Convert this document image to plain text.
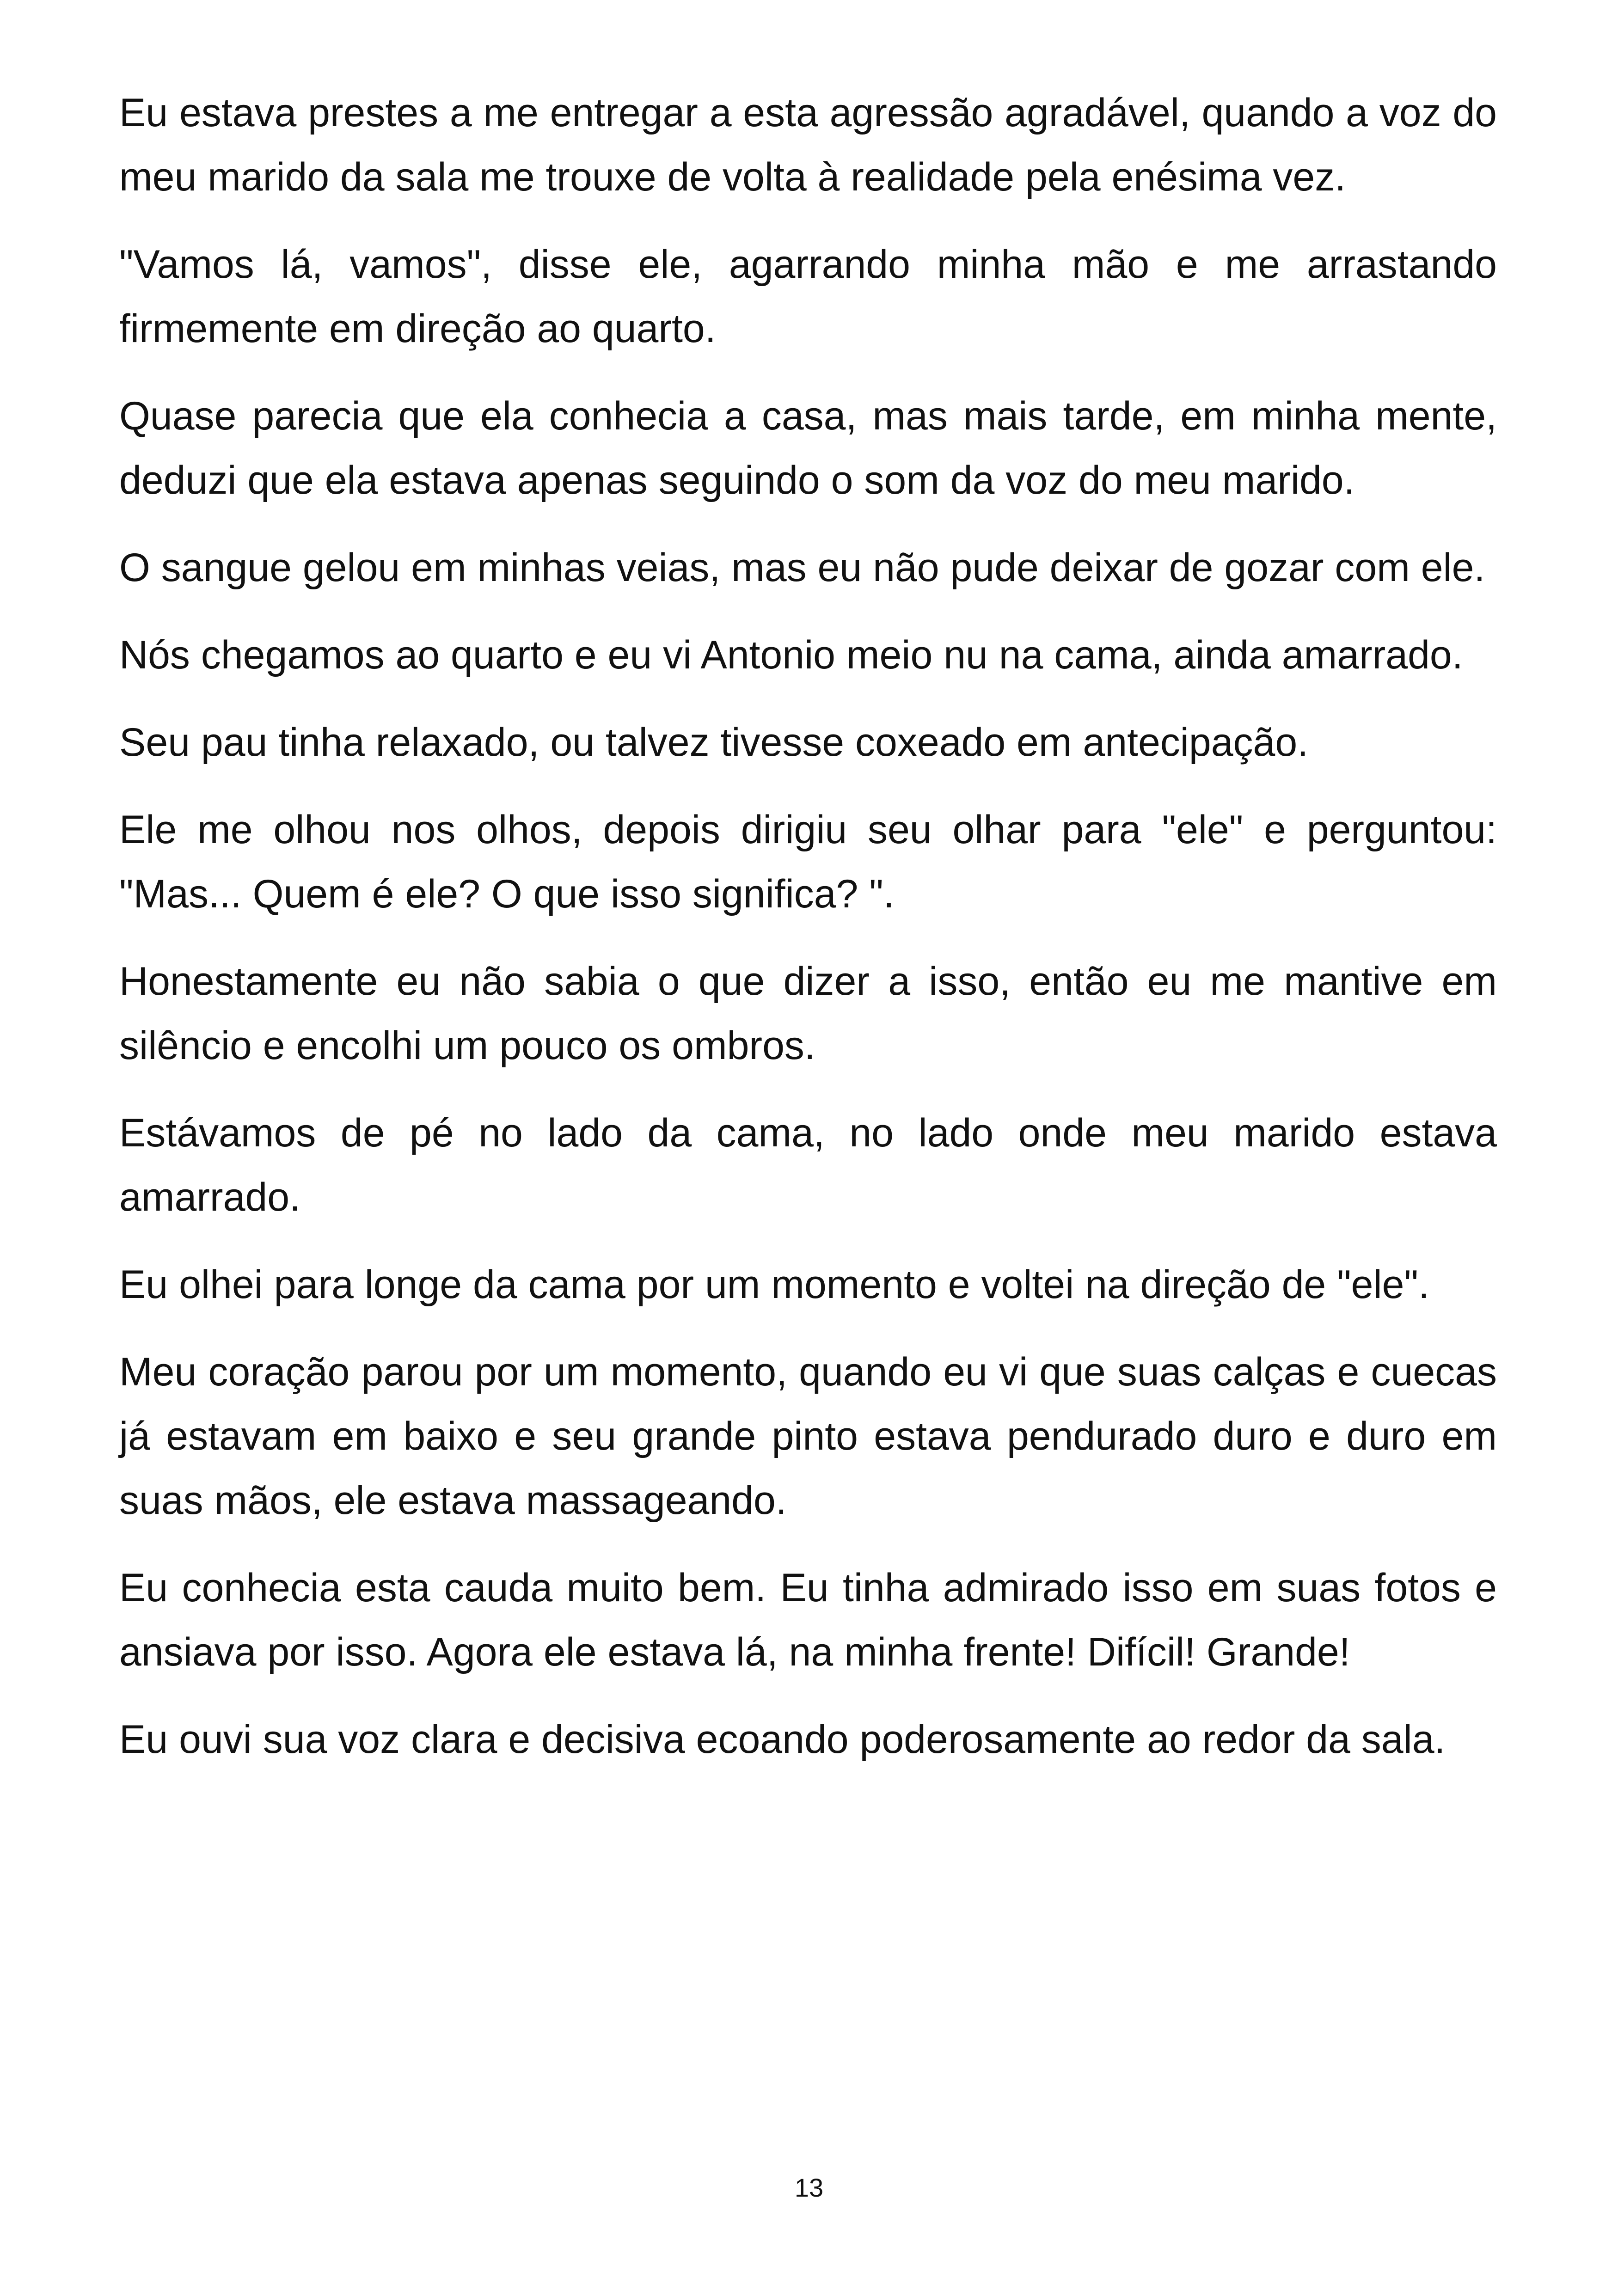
Eu estava prestes a me entregar a esta agressão agradável, quando a voz do meu marido da sala me trouxe de volta à realidade pela enésima vez.

"Vamos lá, vamos", disse ele, agarrando minha mão e me arrastando firmemente em direção ao quarto.

Quase parecia que ela conhecia a casa, mas mais tarde, em minha mente, deduzi que ela estava apenas seguindo o som da voz do meu marido.

O sangue gelou em minhas veias, mas eu não pude deixar de gozar com ele.

Nós chegamos ao quarto e eu vi Antonio meio nu na cama, ainda amarrado.

Seu pau tinha relaxado, ou talvez tivesse coxeado em antecipação.

Ele me olhou nos olhos, depois dirigiu seu olhar para "ele" e perguntou: "Mas... Quem é ele? O que isso significa? ".

Honestamente eu não sabia o que dizer a isso, então eu me mantive em silêncio e encolhi um pouco os ombros.

Estávamos de pé no lado da cama, no lado onde meu marido estava amarrado.

Eu olhei para longe da cama por um momento e voltei na direção de "ele".

Meu coração parou por um momento, quando eu vi que suas calças e cuecas já estavam em baixo e seu grande pinto estava pendurado duro e duro em suas mãos, ele estava massageando.

Eu conhecia esta cauda muito bem. Eu tinha admirado isso em suas fotos e ansiava por isso. Agora ele estava lá, na minha frente! Difícil! Grande!

Eu ouvi sua voz clara e decisiva ecoando poderosamente ao redor da sala.

13
